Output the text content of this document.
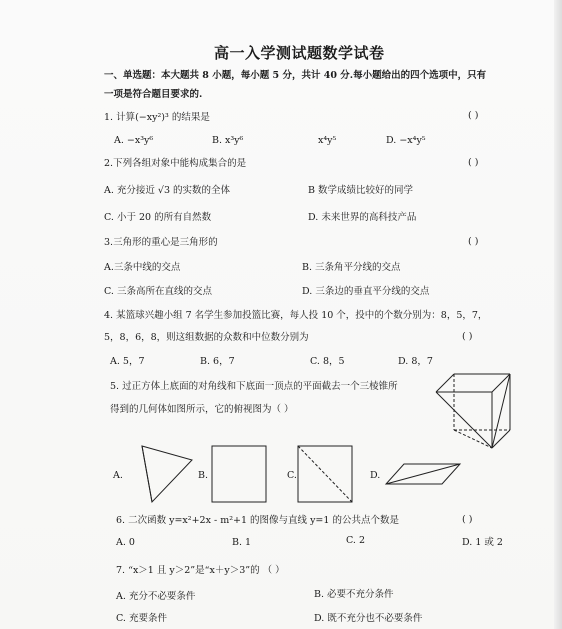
高一入学测试题数学试卷
一、单选题：本大题共 8 小题，每小题 5 分，共计 40 分.每小题给出的四个选项中，只有
一项是符合题目要求的.
1. 计算(−xy²)³ 的结果是	( )
A. −x³y⁶	B. x³y⁶	x⁴y⁵	D. −x⁴y⁵
2.下列各组对象中能构成集合的是	( )
A. 充分接近 √3 的实数的全体	B 数学成绩比较好的同学
C. 小于 20 的所有自然数	D. 未来世界的高科技产品
3.三角形的重心是三角形的	( )
A.三条中线的交点	B. 三条角平分线的交点
C. 三条高所在直线的交点	D. 三条边的垂直平分线的交点
4. 某篮球兴趣小组 7 名学生参加投篮比赛，每人投 10 个，投中的个数分别为：8，5，7，
5，8，6，8，则这组数据的众数和中位数分别为	( )
A. 5，7	B. 6，7	C. 8，5	D. 8，7
5. 过正方体上底面的对角线和下底面一顶点的平面截去一个三棱锥所
得到的几何体如图所示，它的俯视图为（ ）
A.	B.	C.	D.
6. 二次函数 y=x²+2x - m²+1 的图像与直线 y=1 的公共点个数是	( )
A. 0	B. 1	C. 2	D. 1 或 2
7. “x＞1 且 y＞2”是“x＋y＞3”的 （ ）
A. 充分不必要条件	B. 必要不充分条件
C. 充要条件	D. 既不充分也不必要条件
